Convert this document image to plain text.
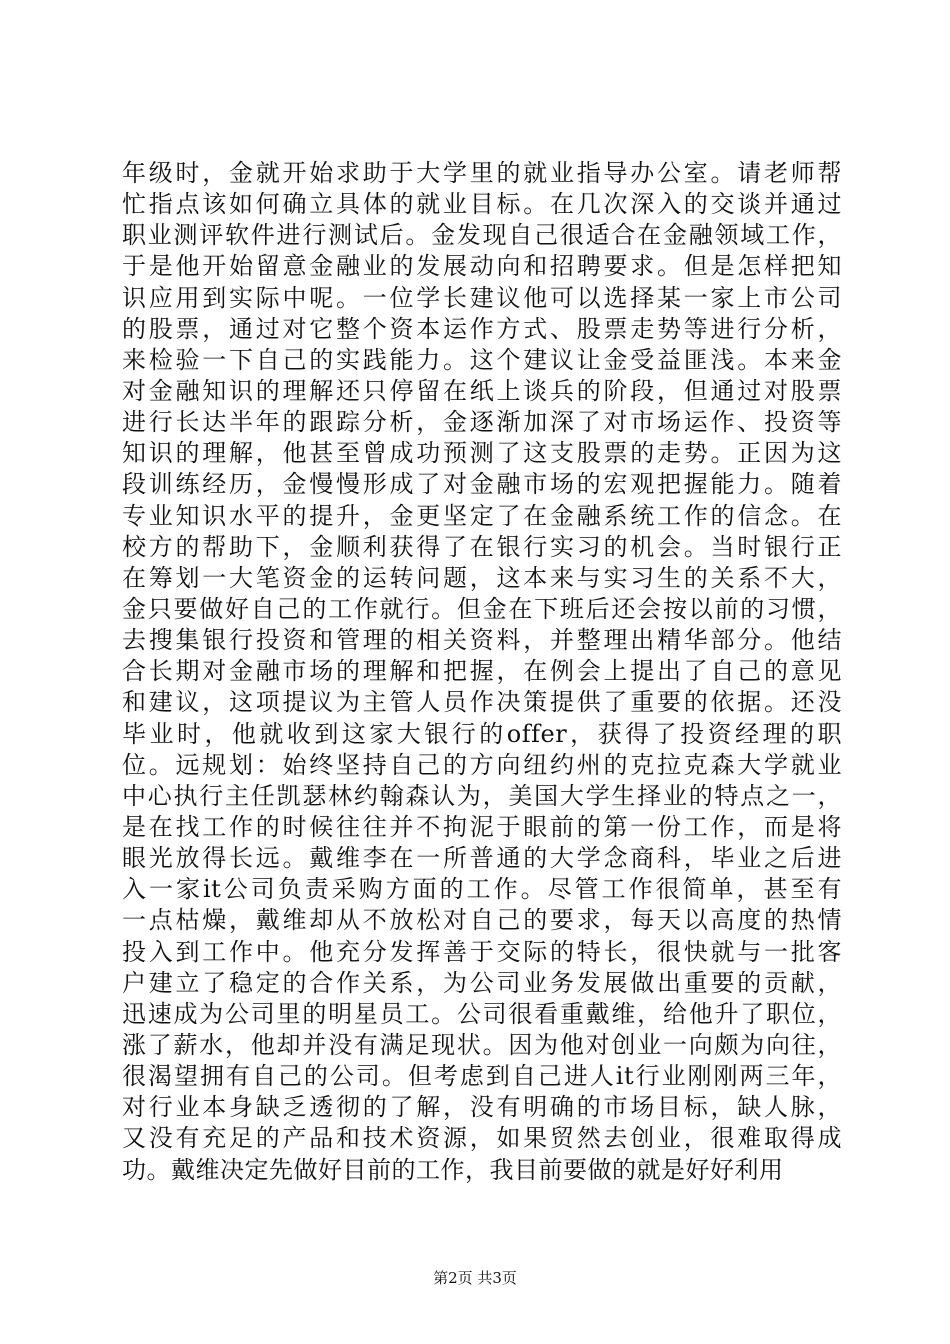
年级时，金就开始求助于大学里的就业指导办公室。请老师帮
忙指点该如何确立具体的就业目标。在几次深入的交谈并通过
职业测评软件进行测试后。金发现自己很适合在金融领域工作，
于是他开始留意金融业的发展动向和招聘要求。但是怎样把知
识应用到实际中呢。一位学长建议他可以选择某一家上市公司
的股票，通过对它整个资本运作方式、股票走势等进行分析，
来检验一下自己的实践能力。这个建议让金受益匪浅。本来金
对金融知识的理解还只停留在纸上谈兵的阶段，但通过对股票
进行长达半年的跟踪分析，金逐渐加深了对市场运作、投资等
知识的理解，他甚至曾成功预测了这支股票的走势。正因为这
段训练经历，金慢慢形成了对金融市场的宏观把握能力。随着
专业知识水平的提升，金更坚定了在金融系统工作的信念。在
校方的帮助下，金顺利获得了在银行实习的机会。当时银行正
在筹划一大笔资金的运转问题，这本来与实习生的关系不大，
金只要做好自己的工作就行。但金在下班后还会按以前的习惯，
去搜集银行投资和管理的相关资料，并整理出精华部分。他结
合长期对金融市场的理解和把握，在例会上提出了自己的意见
和建议，这项提议为主管人员作决策提供了重要的依据。还没
毕业时，他就收到这家大银行的offer，获得了投资经理的职
位。远规划：始终坚持自己的方向纽约州的克拉克森大学就业
中心执行主任凯瑟林约翰森认为，美国大学生择业的特点之一，
是在找工作的时候往往并不拘泥于眼前的第一份工作，而是将
眼光放得长远。戴维李在一所普通的大学念商科，毕业之后进
入一家it公司负责采购方面的工作。尽管工作很简单，甚至有
一点枯燥，戴维却从不放松对自己的要求，每天以高度的热情
投入到工作中。他充分发挥善于交际的特长，很快就与一批客
户建立了稳定的合作关系，为公司业务发展做出重要的贡献，
迅速成为公司里的明星员工。公司很看重戴维，给他升了职位，
涨了薪水，他却并没有满足现状。因为他对创业一向颇为向往，
很渴望拥有自己的公司。但考虑到自己进人it行业刚刚两三年，
对行业本身缺乏透彻的了解，没有明确的市场目标，缺人脉，
又没有充足的产品和技术资源，如果贸然去创业，很难取得成
功。戴维决定先做好目前的工作，我目前要做的就是好好利用
第2页 共3页
